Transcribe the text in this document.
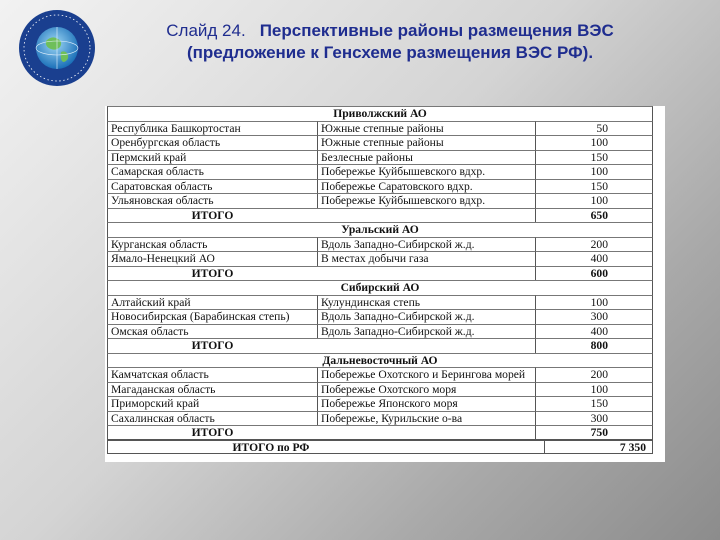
Слайд 24. Перспективные районы размещения ВЭС
(предложение к Генсхеме размещения ВЭС РФ).
Приволжский АО
Республика Башкортостан	Южные степные районы	50
Оренбургская область	Южные степные районы	100
Пермский край	Безлесные районы	150
Самарская область	Побережье Куйбышевского вдхр.	100
Саратовская область	Побережье Саратовского вдхр.	150
Ульяновская область	Побережье Куйбышевского вдхр.	100
ИТОГО	650
Уральский АО
Курганская область	Вдоль Западно-Сибирской ж.д.	200
Ямало-Ненецкий АО	В местах добычи газа	400
ИТОГО	600
Сибирский АО
Алтайский край	Кулундинская степь	100
Новосибирская (Барабинская степь)	Вдоль Западно-Сибирской ж.д.	300
Омская область	Вдоль Западно-Сибирской ж.д.	400
ИТОГО	800
Дальневосточный АО
Камчатская область	Побережье Охотского и Берингова морей	200
Магаданская область	Побережье Охотского моря	100
Приморский край	Побережье Японского моря	150
Сахалинская область	Побережье, Курильские о-ва	300
ИТОГО	750
ИТОГО по РФ	7 350
